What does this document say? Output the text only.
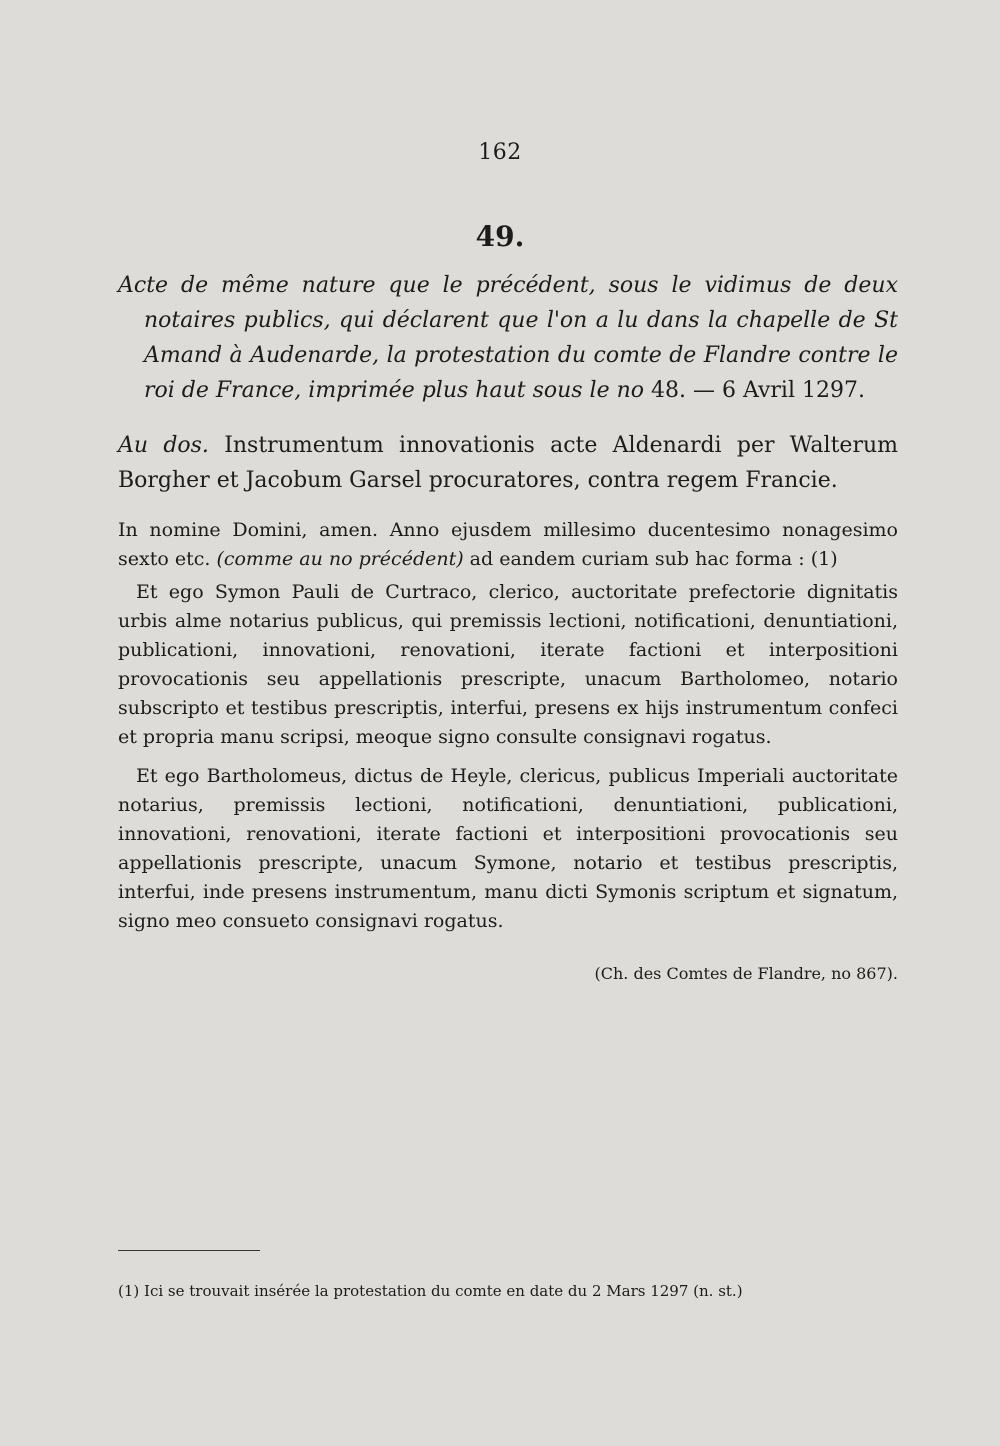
162
49.
Acte de même nature que le précédent, sous le vidimus de deux notaires publics, qui déclarent que l'on a lu dans la chapelle de St Amand à Audenarde, la protestation du comte de Flandre contre le roi de France, imprimée plus haut sous le no 48. — 6 Avril 1297.
Au dos. Instrumentum innovationis acte Aldenardi per Walterum Borgher et Jacobum Garsel procuratores, contra regem Francie.
In nomine Domini, amen. Anno ejusdem millesimo ducentesimo nonagesimo sexto etc. (comme au no précédent) ad eandem curiam sub hac forma : (1)
Et ego Symon Pauli de Curtraco, clerico, auctoritate prefectorie dignitatis urbis alme notarius publicus, qui premissis lectioni, notificationi, denuntiationi, publicationi, innovationi, renovationi, iterate factioni et interpositioni provocationis seu appellationis prescripte, unacum Bartholomeo, notario subscripto et testibus prescriptis, interfui, presens ex hijs instrumentum confeci et propria manu scripsi, meoque signo consulte consignavi rogatus.
Et ego Bartholomeus, dictus de Heyle, clericus, publicus Imperiali auctoritate notarius, premissis lectioni, notificationi, denuntiationi, publicationi, innovationi, renovationi, iterate factioni et interpositioni provocationis seu appellationis prescripte, unacum Symone, notario et testibus prescriptis, interfui, inde presens instrumentum, manu dicti Symonis scriptum et signatum, signo meo consueto consignavi rogatus.
(Ch. des Comtes de Flandre, no 867).
(1) Ici se trouvait insérée la protestation du comte en date du 2 Mars 1297 (n. st.)
